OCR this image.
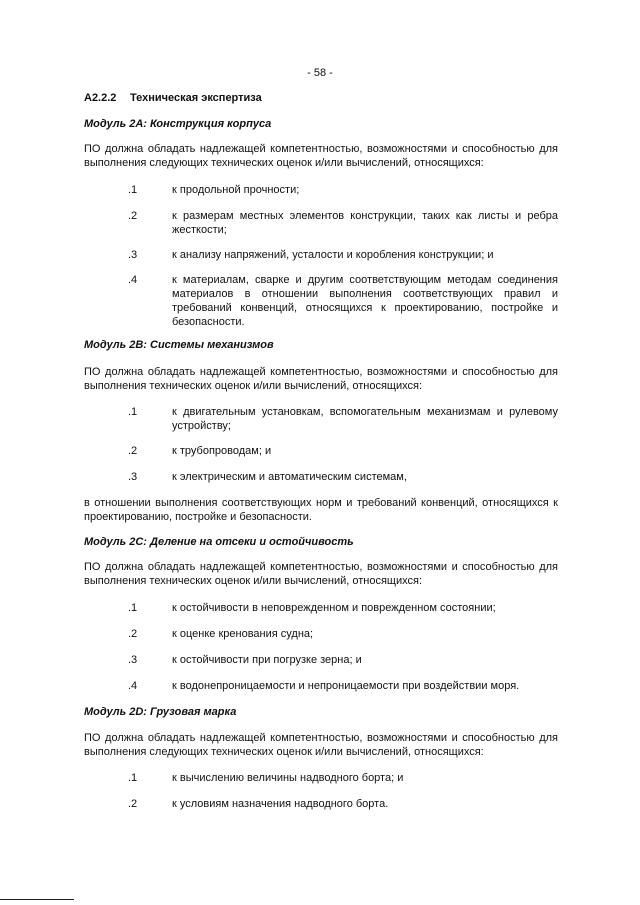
- 58 -
A2.2.2 Техническая экспертиза
Модуль 2А: Конструкция корпуса
ПО должна обладать надлежащей компетентностью, возможностями и способностью для выполнения следующих технических оценок и/или вычислений, относящихся:
.1	к продольной прочности;
.2	к размерам местных элементов конструкции, таких как листы и ребра жесткости;
.3	к анализу напряжений, усталости и коробления конструкции; и
.4	к материалам, сварке и другим соответствующим методам соединения материалов в отношении выполнения соответствующих правил и требований конвенций, относящихся к проектированию, постройке и безопасности.
Модуль 2В: Системы механизмов
ПО должна обладать надлежащей компетентностью, возможностями и способностью для выполнения технических оценок и/или вычислений, относящихся:
.1	к двигательным установкам, вспомогательным механизмам и рулевому устройству;
.2	к трубопроводам; и
.3	к электрическим и автоматическим системам,
в отношении выполнения соответствующих норм и требований конвенций, относящихся к проектированию, постройке и безопасности.
Модуль 2С: Деление на отсеки и остойчивость
ПО должна обладать надлежащей компетентностью, возможностями и способностью для выполнения технических оценок и/или вычислений, относящихся:
.1	к остойчивости в неповрежденном и поврежденном состоянии;
.2	к оценке кренования судна;
.3	к остойчивости при погрузке зерна; и
.4	к водонепроницаемости и непроницаемости при воздействии моря.
Модуль 2D: Грузовая марка
ПО должна обладать надлежащей компетентностью, возможностями и способностью для выполнения следующих технических оценок и/или вычислений, относящихся:
.1	к вычислению величины надводного борта; и
.2	к условиям назначения надводного борта.
